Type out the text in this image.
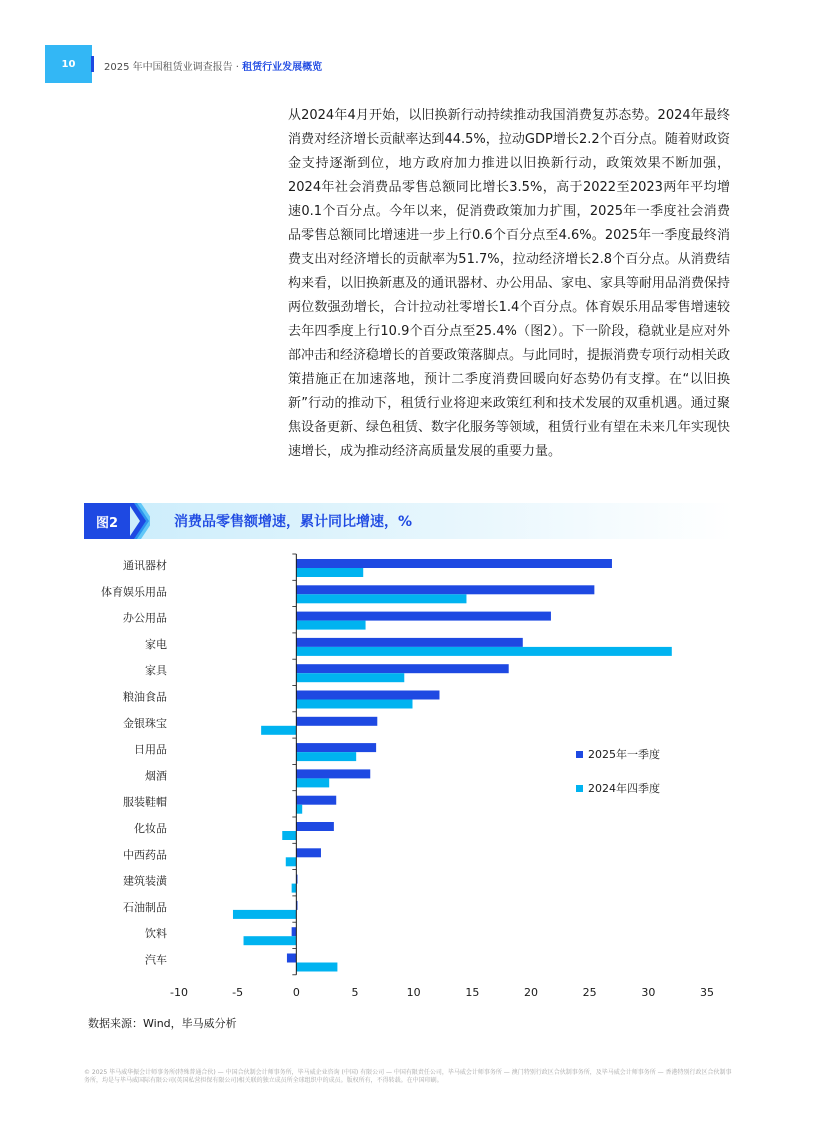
10	2025 年中国租赁业调查报告 · 租赁行业发展概览

从2024年4月开始，以旧换新行动持续推动我国消费复苏态势。2024年最终消费对经济增长贡献率达到44.5%，拉动GDP增长2.2个百分点。随着财政资金支持逐渐到位，地方政府加力推进以旧换新行动，政策效果不断加强，2024年社会消费品零售总额同比增长3.5%，高于2022至2023两年平均增速0.1个百分点。今年以来，促消费政策加力扩围，2025年一季度社会消费品零售总额同比增速进一步上行0.6个百分点至4.6%。2025年一季度最终消费支出对经济增长的贡献率为51.7%，拉动经济增长2.8个百分点。从消费结构来看，以旧换新惠及的通讯器材、办公用品、家电、家具等耐用品消费保持两位数强劲增长，合计拉动社零增长1.4个百分点。体育娱乐用品零售增速较去年四季度上行10.9个百分点至25.4%（图2）。下一阶段，稳就业是应对外部冲击和经济稳增长的首要政策落脚点。与此同时，提振消费专项行动相关政策措施正在加速落地，预计二季度消费回暖向好态势仍有支撑。在“以旧换新”行动的推动下，租赁行业将迎来政策红利和技术发展的双重机遇。通过聚焦设备更新、绿色租赁、数字化服务等领域，租赁行业有望在未来几年实现快速增长，成为推动经济高质量发展的重要力量。

图2	消费品零售额增速，累计同比增速，%
通讯器材
体育娱乐用品
办公用品
家电
家具
粮油食品
金银珠宝
日用品
烟酒
服装鞋帽
化妆品
中西药品
建筑装潢
石油制品
饮料
汽车
-10	-5	0	5	10	15	20	25	30	35
2025年一季度
2024年四季度
数据来源：Wind，毕马威分析
© 2025 毕马威华振会计师事务所(特殊普通合伙) — 中国合伙制会计师事务所，毕马威企业咨询 (中国) 有限公司 — 中国有限责任公司，毕马威会计师事务所 — 澳门特别行政区合伙制事务所，及毕马威会计师事务所 — 香港特别行政区合伙制事务所，均是与毕马威国际有限公司(英国私营担保有限公司)相关联的独立成员所全球组织中的成员。版权所有，不得转载。在中国印刷。
